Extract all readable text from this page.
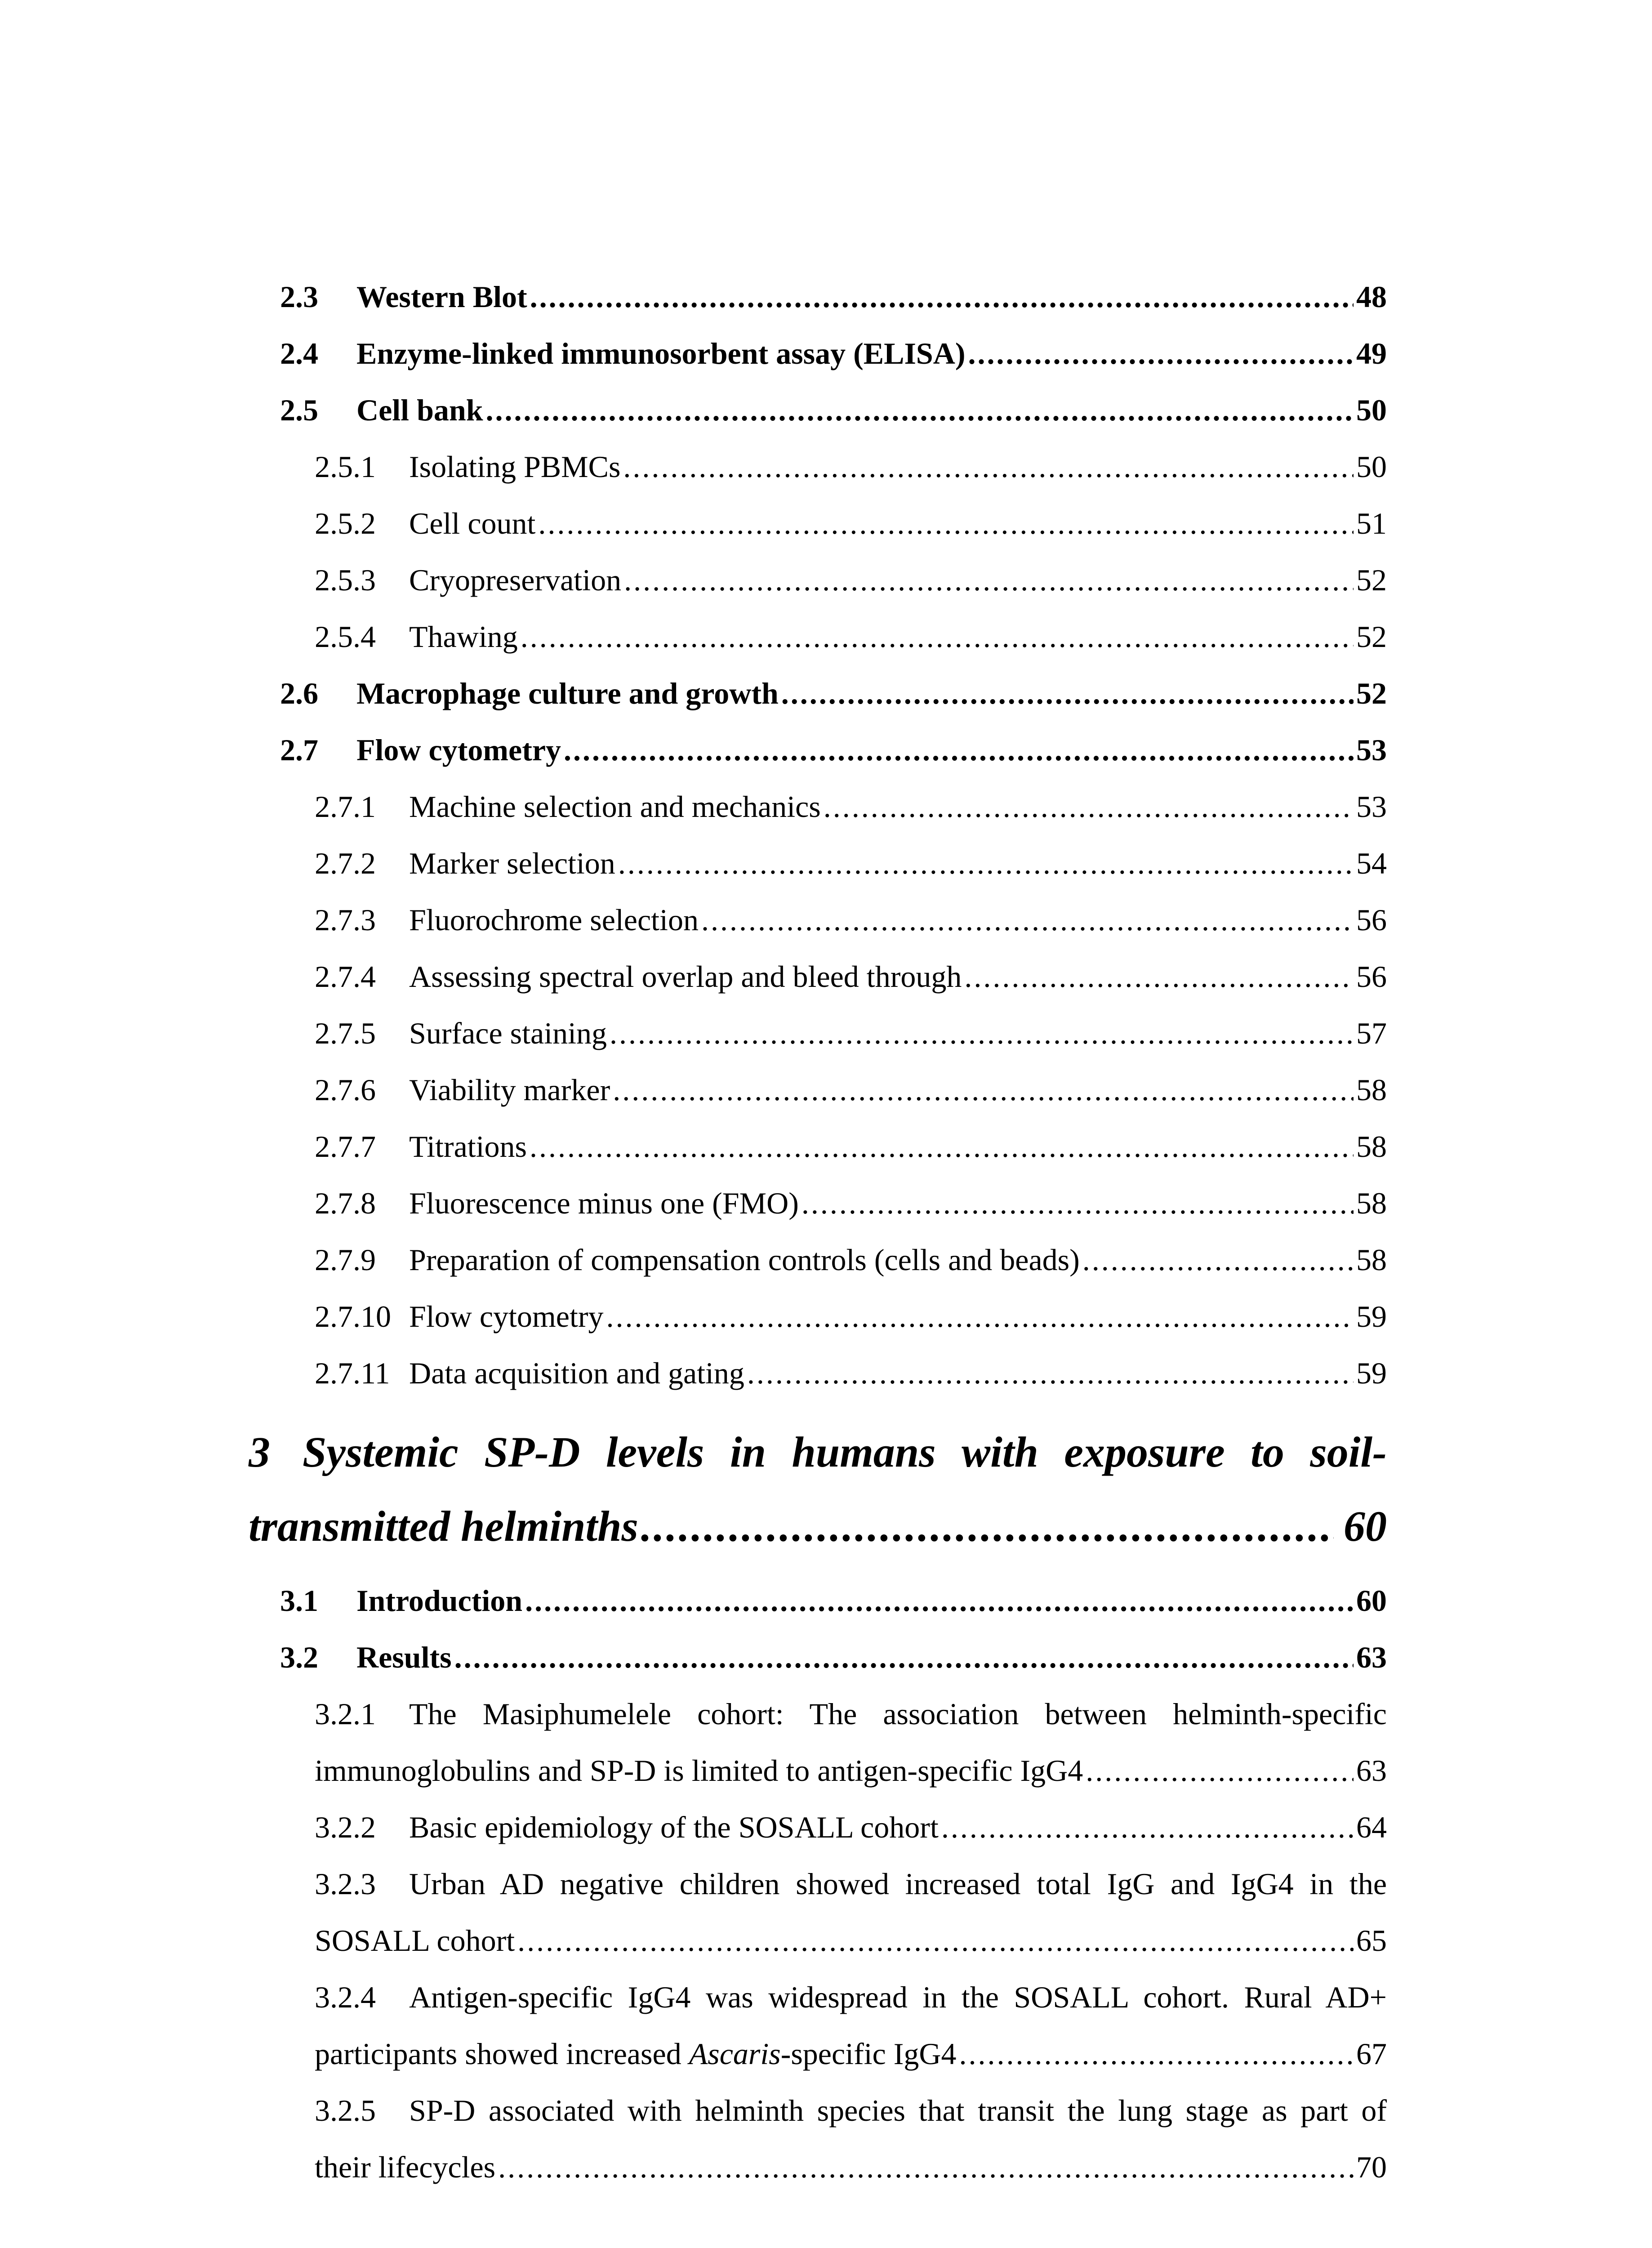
2.3	Western Blot .....	48
2.4	Enzyme-linked immunosorbent assay (ELISA) .....	49
2.5	Cell bank .....	50
2.5.1	Isolating PBMCs .....	50
2.5.2	Cell count .....	51
2.5.3	Cryopreservation .....	52
2.5.4	Thawing .....	52
2.6	Macrophage culture and growth .....	52
2.7	Flow cytometry .....	53
2.7.1	Machine selection and mechanics .....	53
2.7.2	Marker selection .....	54
2.7.3	Fluorochrome selection .....	56
2.7.4	Assessing spectral overlap and bleed through .....	56
2.7.5	Surface staining .....	57
2.7.6	Viability marker .....	58
2.7.7	Titrations .....	58
2.7.8	Fluorescence minus one (FMO) .....	58
2.7.9	Preparation of compensation controls (cells and beads) .....	58
2.7.10 Flow cytometry .....	59
2.7.11 Data acquisition and gating .....	59
3 Systemic SP-D levels in humans with exposure to soil-
transmitted helminths .....	60
3.1	Introduction .....	60
3.2	Results .....	63
3.2.1	The Masiphumelele cohort: The association between helminth-specific
immunoglobulins and SP-D is limited to antigen-specific IgG4 .....	63
3.2.2	Basic epidemiology of the SOSALL cohort .....	64
3.2.3	Urban AD negative children showed increased total IgG and IgG4 in the
SOSALL cohort .....	65
3.2.4	Antigen-specific IgG4 was widespread in the SOSALL cohort. Rural AD+
participants showed increased Ascaris-specific IgG4 .....	67
3.2.5	SP-D associated with helminth species that transit the lung stage as part of
their lifecycles .....	70
